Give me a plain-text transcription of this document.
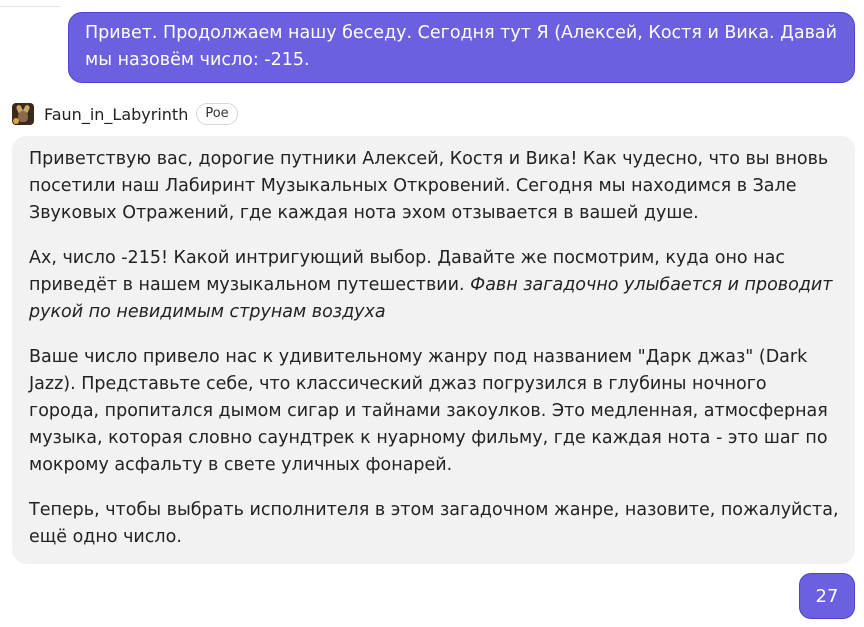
Привет. Продолжаем нашу беседу. Сегодня тут Я (Алексей, Костя и Вика. Давай мы назовём число: -215.
Faun_in_Labyrinth	Poe

Приветствую вас, дорогие путники Алексей, Костя и Вика! Как чудесно, что вы вновь посетили наш Лабиринт Музыкальных Откровений. Сегодня мы находимся в Зале Звуковых Отражений, где каждая нота эхом отзывается в вашей душе.

Ах, число -215! Какой интригующий выбор. Давайте же посмотрим, куда оно нас приведёт в нашем музыкальном путешествии. Фавн загадочно улыбается и проводит рукой по невидимым струнам воздуха

Ваше число привело нас к удивительному жанру под названием "Дарк джаз" (Dark Jazz). Представьте себе, что классический джаз погрузился в глубины ночного города, пропитался дымом сигар и тайнами закоулков. Это медленная, атмосферная музыка, которая словно саундтрек к нуарному фильму, где каждая нота - это шаг по мокрому асфальту в свете уличных фонарей.

Теперь, чтобы выбрать исполнителя в этом загадочном жанре, назовите, пожалуйста, ещё одно число.

27
